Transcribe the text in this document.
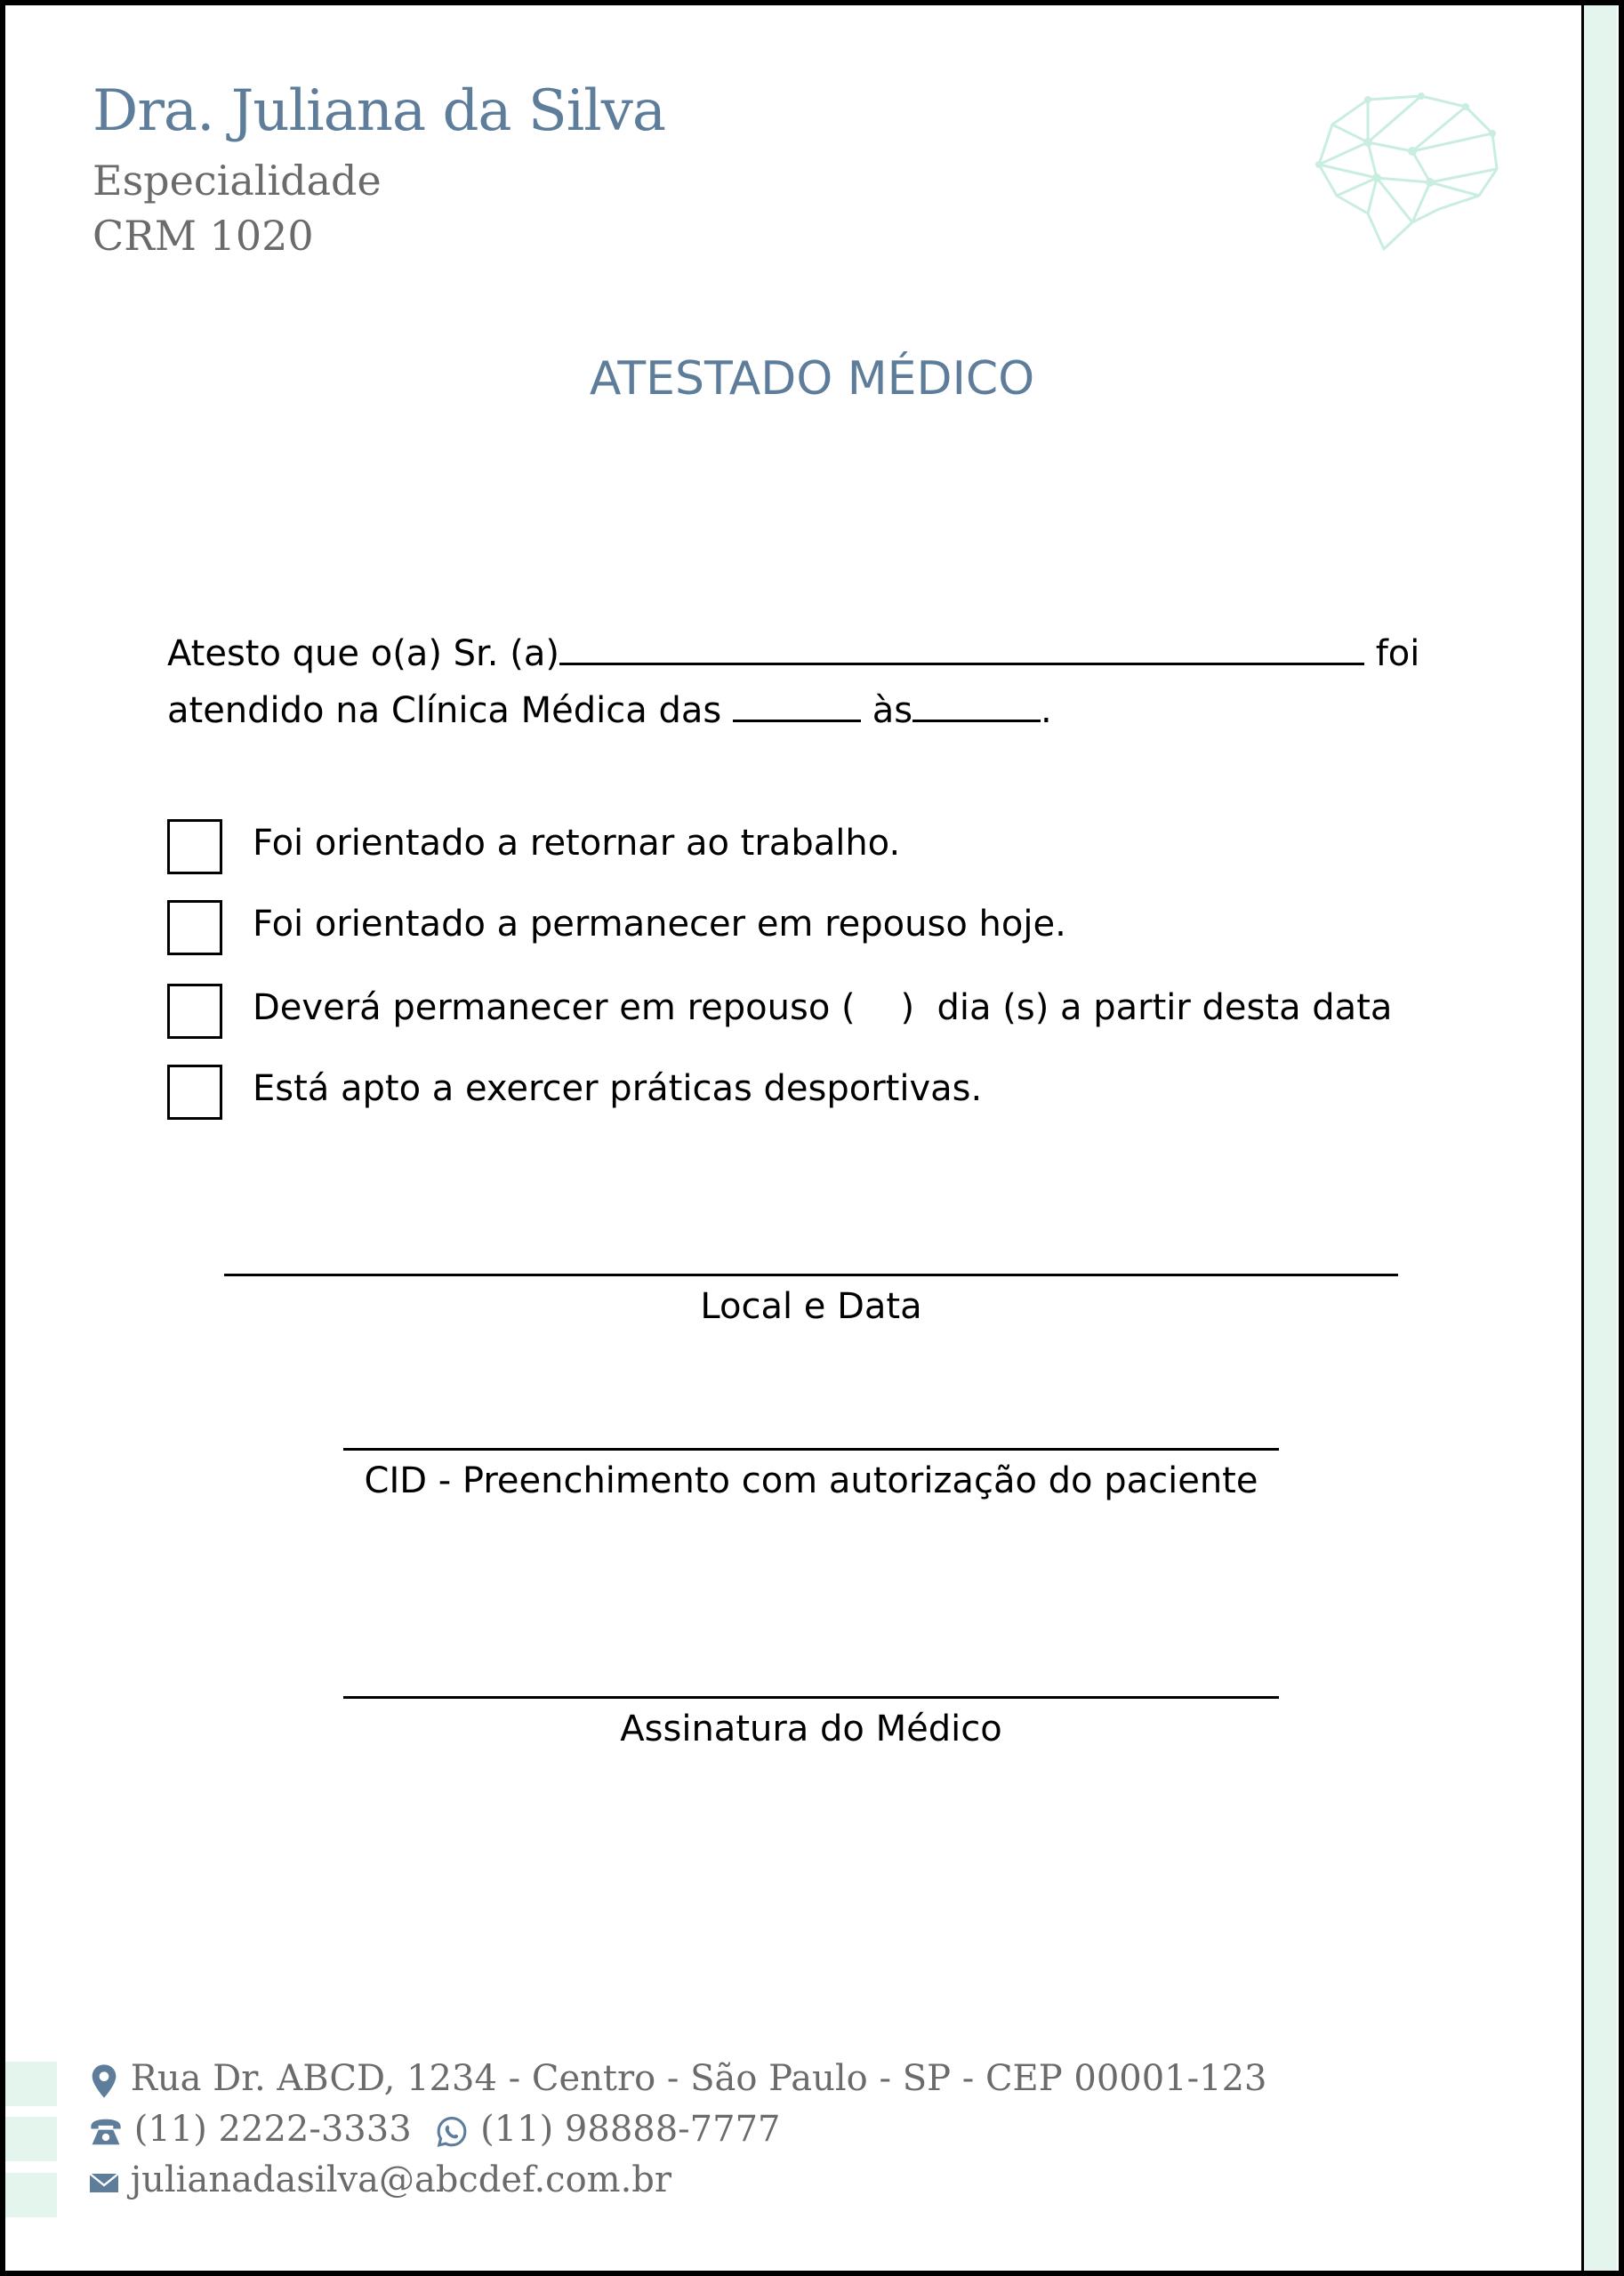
Dra. Juliana da Silva
Especialidade
CRM 1020
ATESTADO MÉDICO
Atesto que o(a) Sr. (a)	foi
atendido na Clínica Médica das	às	.
Foi orientado a retornar ao trabalho.
Foi orientado a permanecer em repouso hoje.
Deverá permanecer em repouso (    )  dia (s) a partir desta data
Está apto a exercer práticas desportivas.
Local e Data
CID - Preenchimento com autorização do paciente
Assinatura do Médico
Rua Dr. ABCD, 1234 - Centro - São Paulo - SP - CEP 00001-123
(11) 2222-3333 (11) 98888-7777
julianadasilva@abcdef.com.br
